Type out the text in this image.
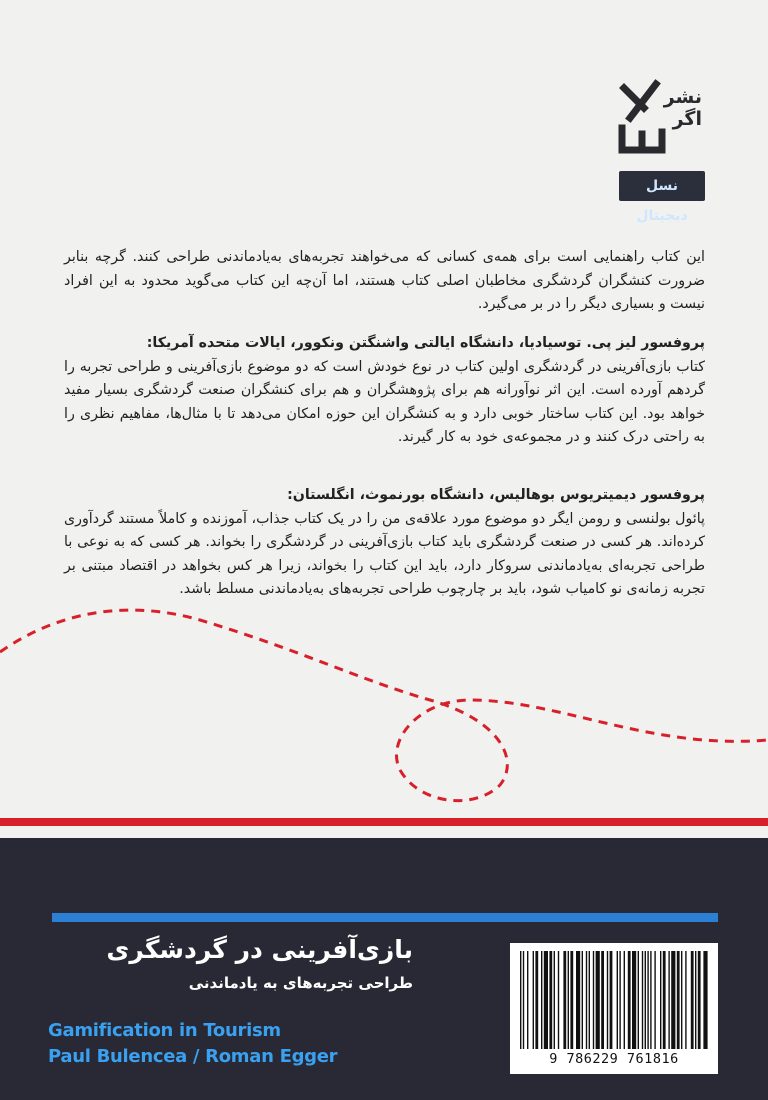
نشر
اگر
نسل دیجیتال

این کتاب راهنمایی است برای همه‌ی کسانی که می‌خواهند تجربه‌های به‌یادماندنی طراحی کنند. گرچه بنابر ضرورت کنشگران گردشگری مخاطبان اصلی کتاب هستند، اما آن‌چه این کتاب می‌گوید محدود به این افراد نیست و بسیاری دیگر را در بر می‌گیرد.

پروفسور لیز پی. توسیادیا، دانشگاه ایالتی واشنگتن ونکوور، ایالات متحده آمریکا:

کتاب بازی‌آفرینی در گردشگری اولین کتاب در نوع خودش است که دو موضوع بازی‌آفرینی و طراحی تجربه را گردهم آورده است. این اثر نوآورانه هم برای پژوهشگران و هم برای کنشگران صنعت گردشگری بسیار مفید خواهد بود. این کتاب ساختار خوبی دارد و به کنشگران این حوزه امکان می‌دهد تا با مثال‌ها، مفاهیم نظری را به راحتی درک کنند و در مجموعه‌ی خود به کار گیرند.

پروفسور دیمیتریوس بوهالیس، دانشگاه بورنموث، انگلستان:

پائول بولنسی و رومن ایگر دو موضوع مورد علاقه‌ی من را در یک کتاب جذاب، آموزنده و کاملاً مستند گردآوری کرده‌اند. هر کسی در صنعت گردشگری باید کتاب بازی‌آفرینی در گردشگری را بخواند. هر کسی که به نوعی با طراحی تجربه‌ای به‌یادماندنی سروکار دارد، باید این کتاب را بخواند، زیرا هر کس بخواهد در اقتصاد مبتنی بر تجربه زمانه‌ی نو کامیاب شود، باید بر چارچوب طراحی تجربه‌های به‌یادماندنی مسلط باشد.

بازی‌آفرینی در گردشگری
طراحی تجربه‌های به یادماندنی
Gamification in Tourism
Paul Bulencea / Roman Egger	9 786229 761816
